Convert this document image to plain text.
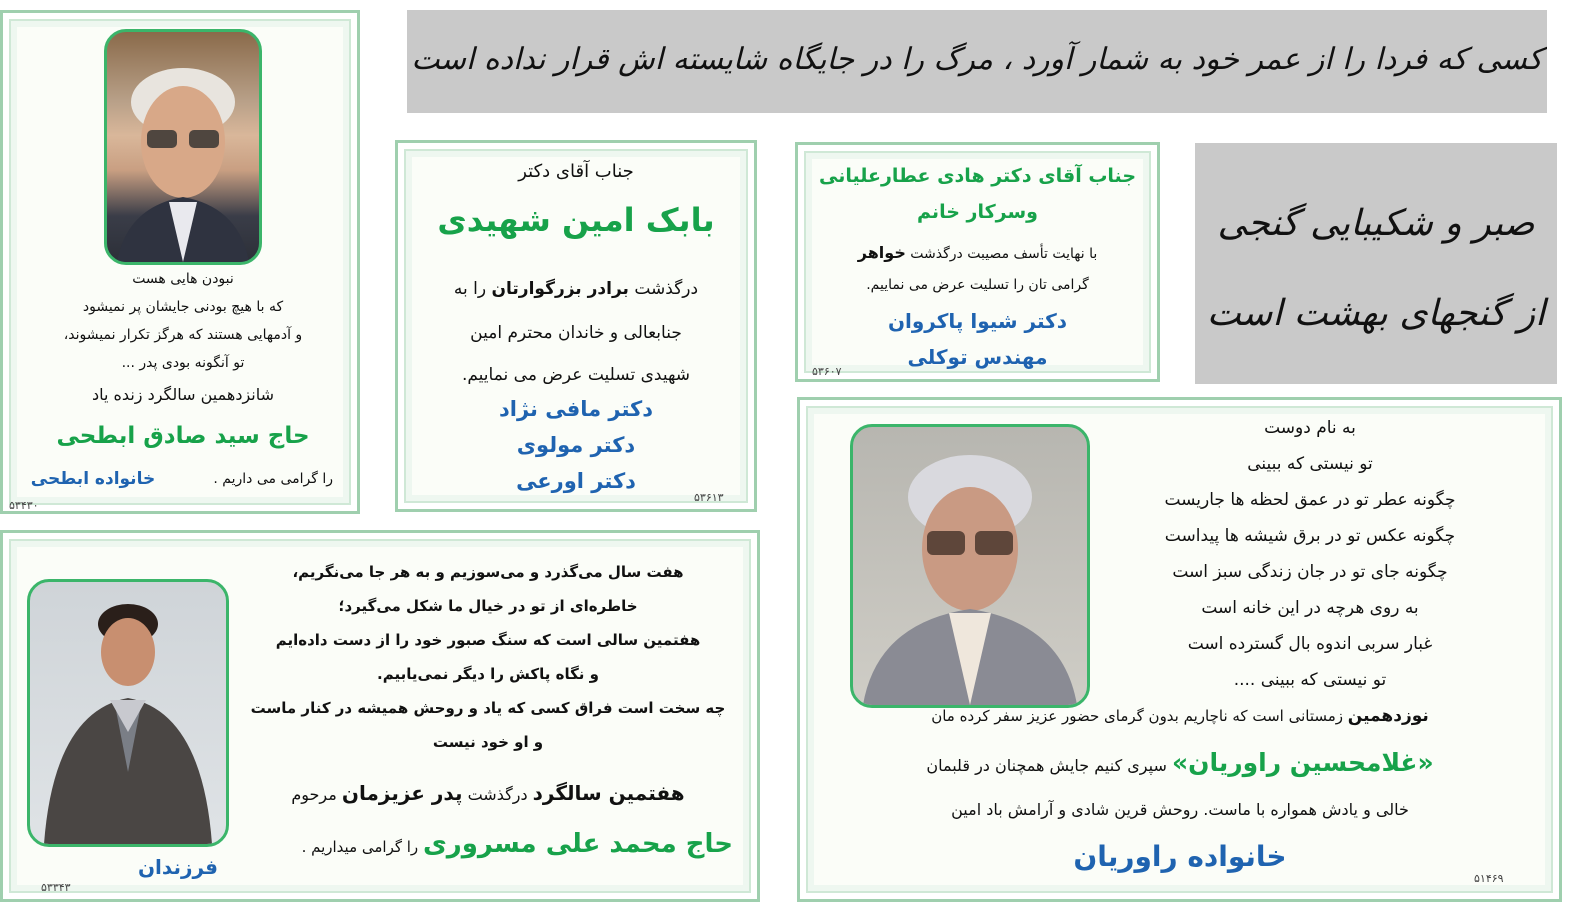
کسی که فردا را از عمر خود به شمار آورد ، مرگ را در جایگاه شایسته اش قرار نداده است
صبر و شکیبایی گنجی
از گنجهای بهشت است
نبودن هایی هست
که با هیچ بودنی جایشان پر نمیشود
و آدمهایی هستند که هرگز تکرار نمیشوند،
تو آنگونه بودی پدر ...
شانزدهمین سالگرد زنده یاد
حاج سید صادق ابطحی
را گرامی می داریم .
خانواده ابطحی
۵۳۴۳۰
جناب آقای دکتر
بابک امین شهیدی
درگذشت برادر بزرگوارتان را به
جنابعالی و خاندان محترم امین
شهیدی تسلیت عرض می نماییم.
دکتر مافی نژاد
دکتر مولوی
دکتر اورعی
۵۳۶۱۳
جناب آقای دکتر هادی عطارعلیانی
وسرکار خانم
با نهایت تأسف مصیبت درگذشت خواهر
گرامی تان را تسلیت عرض می نماییم.
دکتر شیوا پاکروان
مهندس توکلی
۵۳۶۰۷
هفت سال می‌گذرد و می‌سوزیم و به هر جا می‌نگریم،
خاطره‌ای از تو در خیال ما شکل می‌گیرد؛
هفتمین سالی است که سنگ صبور خود را از دست داده‌ایم
و نگاه پاکش را دیگر نمی‌یابیم.
چه سخت است فراق کسی که یاد و روحش همیشه در کنار ماست
و او خود نیست
هفتمین سالگرد درگذشت پدر عزیزمان مرحوم
حاج محمد علی مسروری را گرامی میداریم .
فرزندان
۵۳۳۴۳
به نام دوست
تو نیستی که ببینی
چگونه عطر تو در عمق لحظه ها جاریست
چگونه عکس تو در برق شیشه ها پیداست
چگونه جای تو در جان زندگی سبز است
به روی هرچه در این خانه است
غبار سربی اندوه بال گسترده است
تو نیستی که ببینی ....
نوزدهمین زمستانی است که ناچاریم بدون گرمای حضور عزیز سفر کرده مان
«غلامحسین راوریان» سپری کنیم جایش همچنان در قلبمان
خالی و یادش همواره با ماست. روحش قرین شادی و آرامش باد امین
خانواده راوریان
۵۱۴۶۹
